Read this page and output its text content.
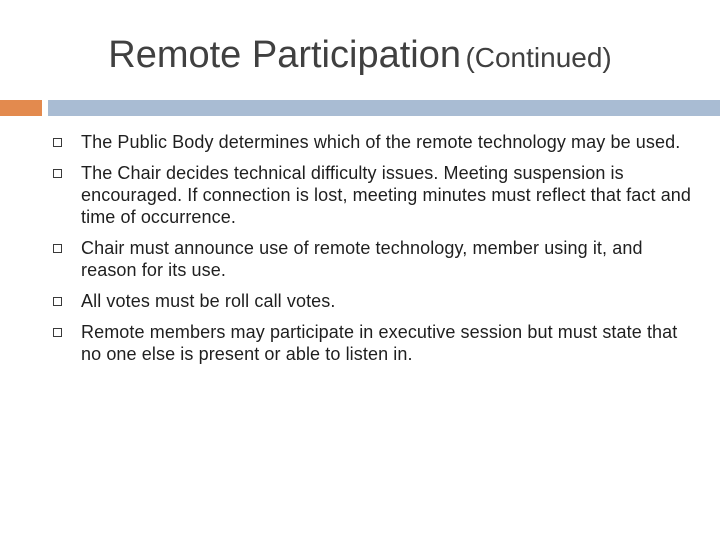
Remote Participation (Continued)
The Public Body determines which of the remote technology may be used.
The Chair decides technical difficulty issues. Meeting suspension is encouraged. If connection is lost, meeting minutes must reflect that fact and time of occurrence.
Chair must announce use of remote technology, member using it, and reason for its use.
All votes must be roll call votes.
Remote members may participate in executive session but must state that no one else is present or able to listen in.
